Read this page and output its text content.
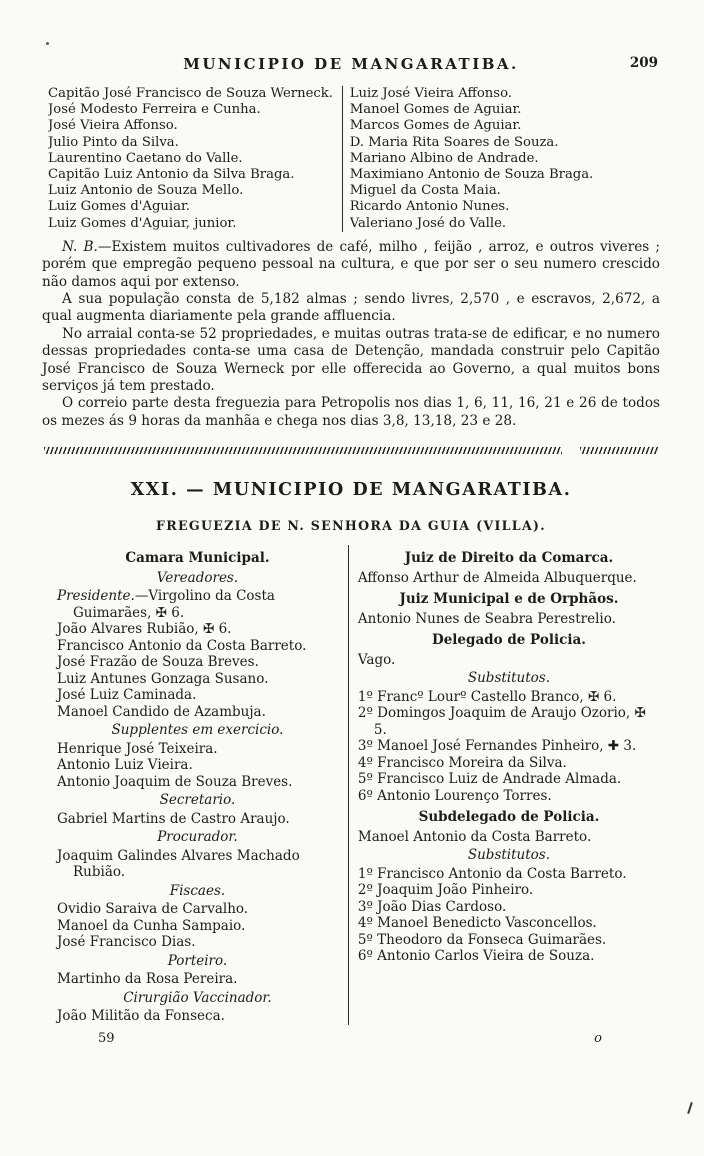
MUNICIPIO DE MANGARATIBA.	209
Capitão José Francisco de Souza Werneck.
José Modesto Ferreira e Cunha.
José Vieira Affonso.
Julio Pinto da Silva.
Laurentino Caetano do Valle.
Capitão Luiz Antonio da Silva Braga.
Luiz Antonio de Souza Mello.
Luiz Gomes d'Aguiar.
Luiz Gomes d'Aguiar, junior.
Luiz José Vieira Affonso.
Manoel Gomes de Aguiar.
Marcos Gomes de Aguiar.
D. Maria Rita Soares de Souza.
Mariano Albino de Andrade.
Maximiano Antonio de Souza Braga.
Miguel da Costa Maia.
Ricardo Antonio Nunes.
Valeriano José do Valle.
N. B.—Existem muitos cultivadores de café, milho , feijão , arroz, e outros viveres ; porém que empregão pequeno pessoal na cultura, e que por ser o seu numero crescido não damos aqui por extenso.
A sua população consta de 5,182 almas ; sendo livres, 2,570 , e escravos, 2,672, a qual augmenta diariamente pela grande affluencia.
No arraial conta-se 52 propriedades, e muitas outras trata-se de edificar, e no numero dessas propriedades conta-se uma casa de Detenção, mandada construir pelo Capitão José Francisco de Souza Werneck por elle offerecida ao Governo, a qual muitos bons serviços já tem prestado.
O correio parte desta freguezia para Petropolis nos dias 1, 6, 11, 16, 21 e 26 de todos os mezes ás 9 horas da manhãa e chega nos dias 3,8, 13,18, 23 e 28.
XXI. — MUNICIPIO DE MANGARATIBA.
FREGUEZIA DE N. SENHORA DA GUIA (VILLA).
Camara Municipal.
Vereadores.
Presidente.—Virgolino da Costa Guimarães, ✠ 6.
João Alvares Rubião, ✠ 6.
Francisco Antonio da Costa Barreto.
José Frazão de Souza Breves.
Luiz Antunes Gonzaga Susano.
José Luiz Caminada.
Manoel Candido de Azambuja.
Supplentes em exercicio.
Henrique José Teixeira.
Antonio Luiz Vieira.
Antonio Joaquim de Souza Breves.
Secretario.
Gabriel Martins de Castro Araujo.
Procurador.
Joaquim Galindes Alvares Machado Rubião.
Fiscaes.
Ovidio Saraiva de Carvalho.
Manoel da Cunha Sampaio.
José Francisco Dias.
Porteiro.
Martinho da Rosa Pereira.
Cirurgião Vaccinador.
João Militão da Fonseca.
Juiz de Direito da Comarca.
Affonso Arthur de Almeida Albuquerque.
Juiz Municipal e de Orphãos.
Antonio Nunes de Seabra Perestrelio.
Delegado de Policia.
Vago.
Substitutos.
1º Francº Lourº Castello Branco, ✠ 6.
2º Domingos Joaquim de Araujo Ozorio, ✠ 5.
3º Manoel José Fernandes Pinheiro, ✚ 3.
4º Francisco Moreira da Silva.
5º Francisco Luiz de Andrade Almada.
6º Antonio Lourenço Torres.
Subdelegado de Policia.
Manoel Antonio da Costa Barreto.
Substitutos.
1º Francisco Antonio da Costa Barreto.
2º Joaquim João Pinheiro.
3º João Dias Cardoso.
4º Manoel Benedicto Vasconcellos.
5º Theodoro da Fonseca Guimarães.
6º Antonio Carlos Vieira de Souza.
59	o
